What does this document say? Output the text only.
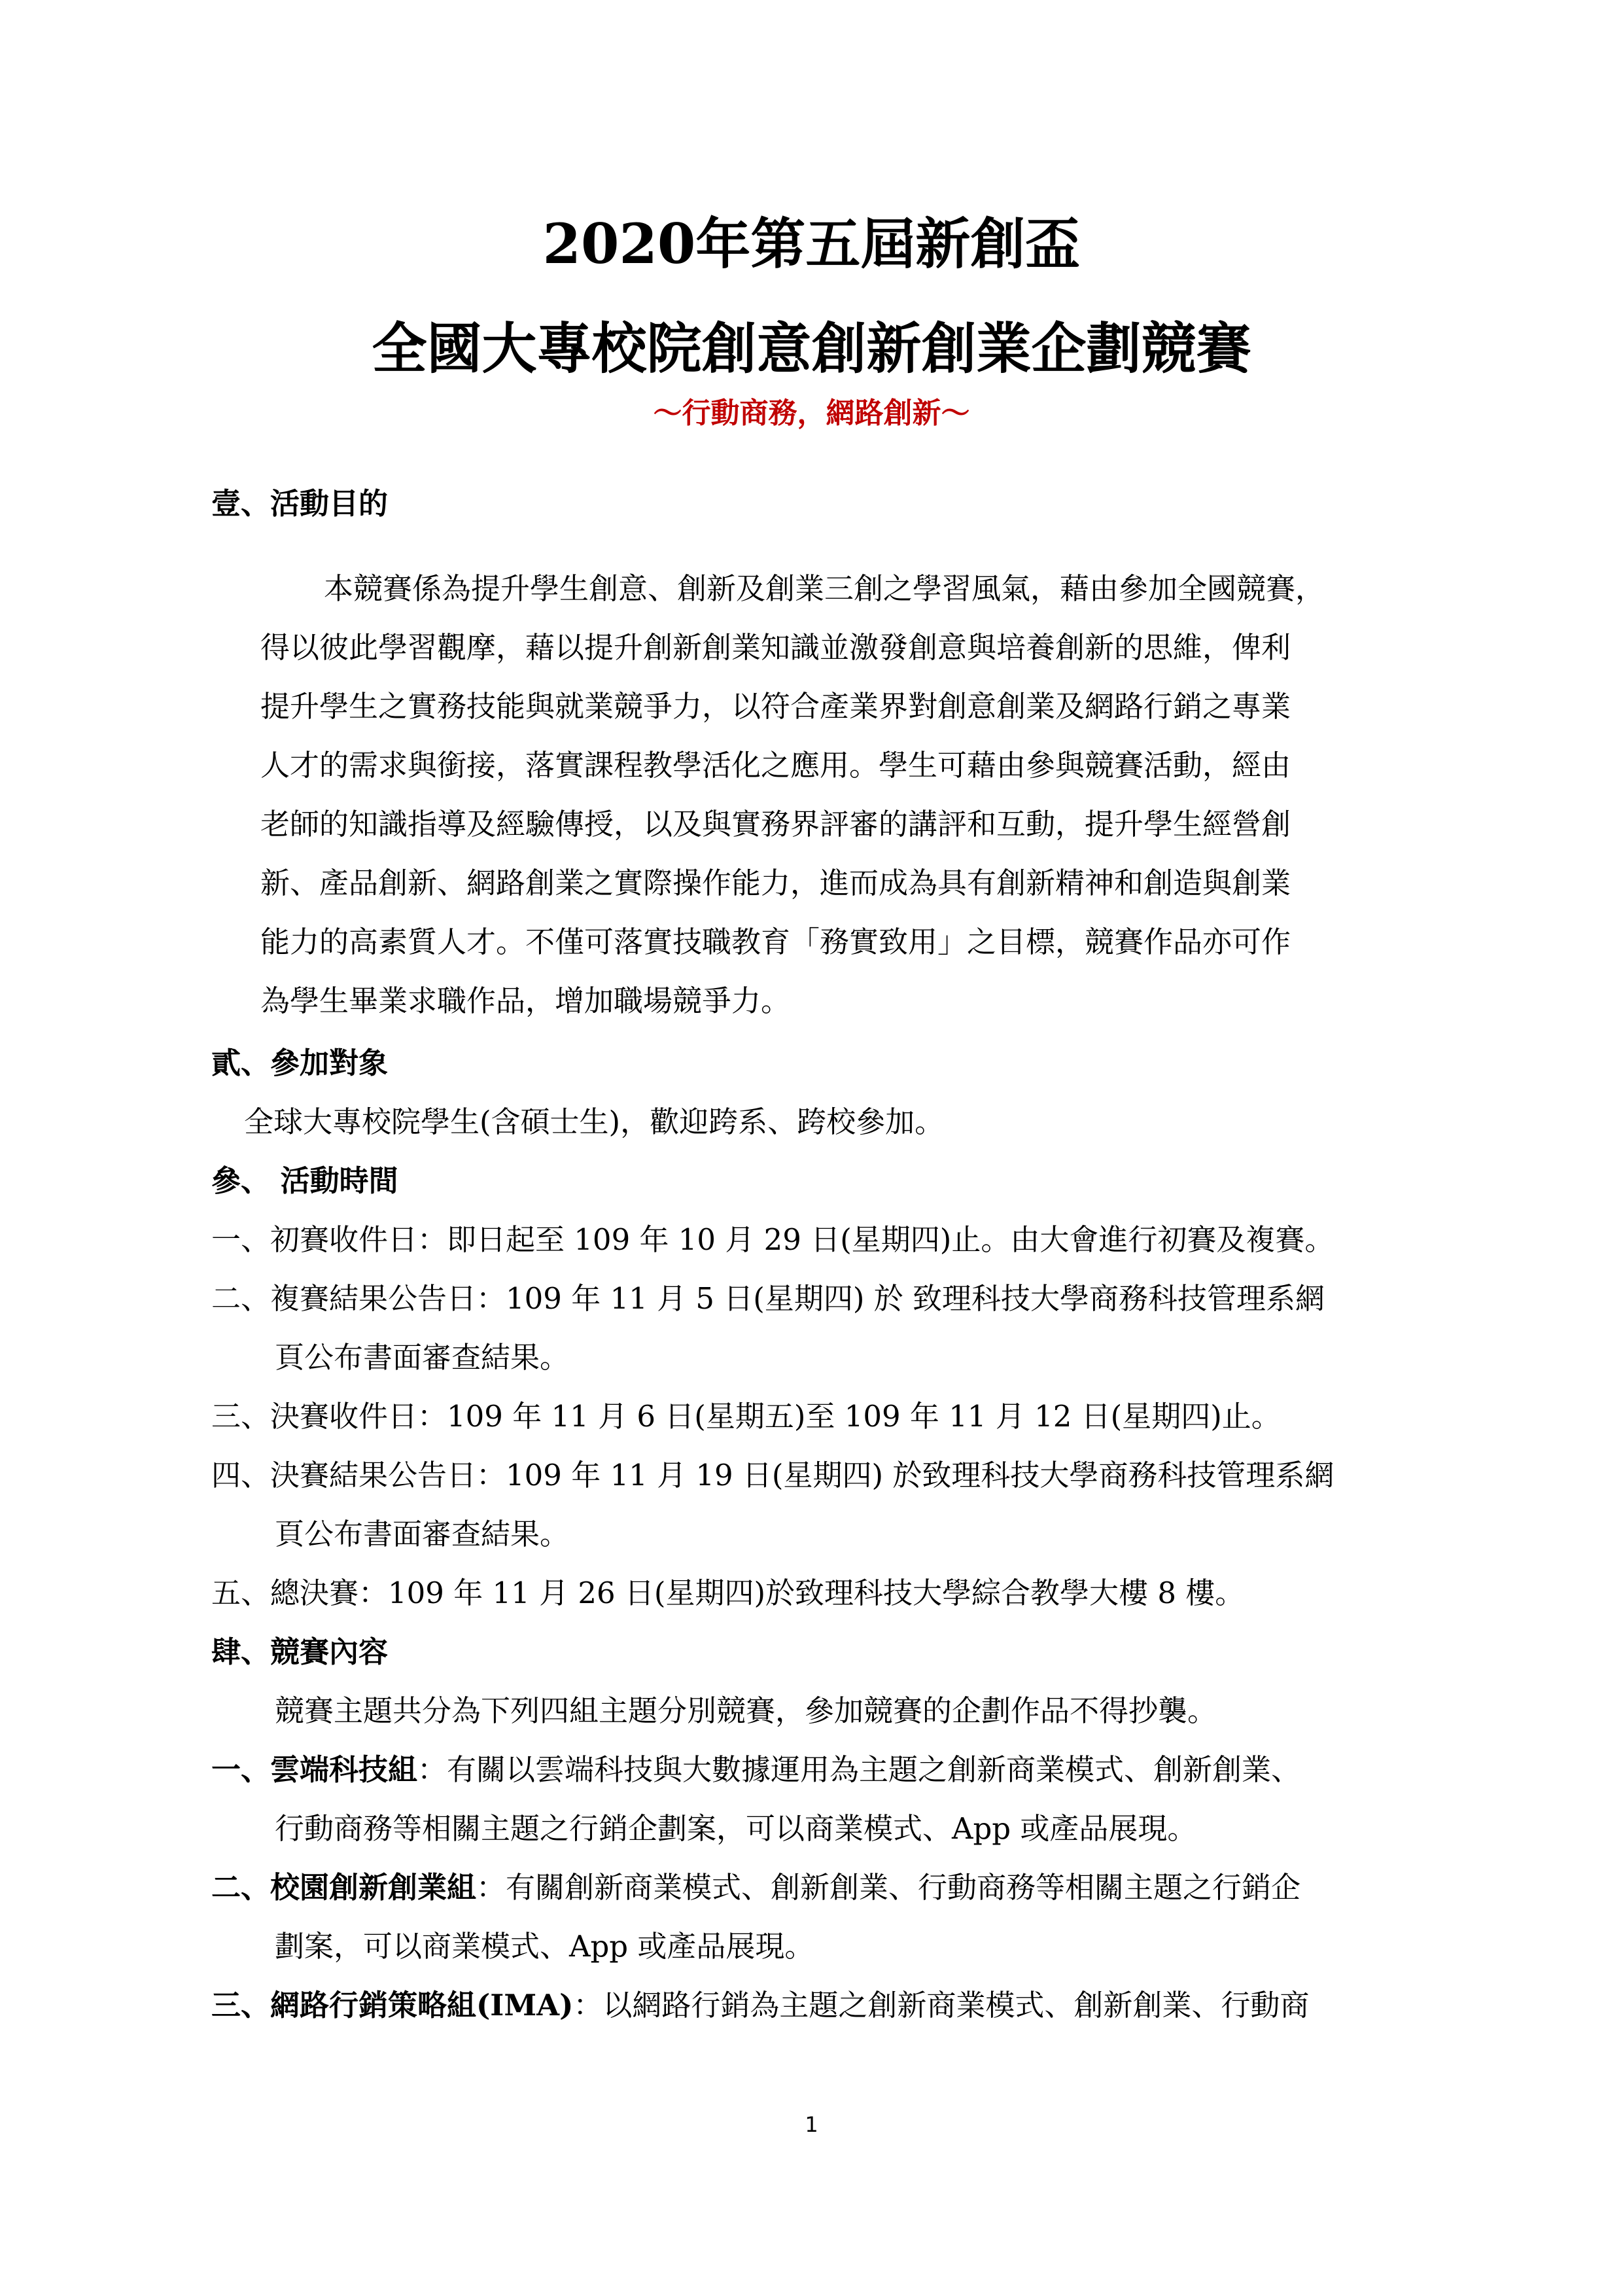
2020年第五屆新創盃
全國大專校院創意創新創業企劃競賽
～行動商務，網路創新～
壹、活動目的
本競賽係為提升學生創意、創新及創業三創之學習風氣，藉由參加全國競賽，
得以彼此學習觀摩，藉以提升創新創業知識並激發創意與培養創新的思維，俾利
提升學生之實務技能與就業競爭力，以符合產業界對創意創業及網路行銷之專業
人才的需求與銜接，落實課程教學活化之應用。學生可藉由參與競賽活動，經由
老師的知識指導及經驗傳授，以及與實務界評審的講評和互動，提升學生經營創
新、產品創新、網路創業之實際操作能力，進而成為具有創新精神和創造與創業
能力的高素質人才。不僅可落實技職教育「務實致用」之目標，競賽作品亦可作
為學生畢業求職作品，增加職場競爭力。
貳、參加對象
全球大專校院學生(含碩士生)，歡迎跨系、跨校參加。
參、 活動時間
一、初賽收件日：即日起至 109 年 10 月 29 日(星期四)止。由大會進行初賽及複賽。
二、複賽結果公告日：109 年 11 月 5 日(星期四) 於 致理科技大學商務科技管理系網
頁公布書面審查結果。
三、決賽收件日：109 年 11 月 6 日(星期五)至 109 年 11 月 12 日(星期四)止。
四、決賽結果公告日：109 年 11 月 19 日(星期四) 於致理科技大學商務科技管理系網
頁公布書面審查結果。
五、總決賽：109 年 11 月 26 日(星期四)於致理科技大學綜合教學大樓 8 樓。
肆、競賽內容
競賽主題共分為下列四組主題分別競賽，參加競賽的企劃作品不得抄襲。
一、雲端科技組：有關以雲端科技與大數據運用為主題之創新商業模式、創新創業、
行動商務等相關主題之行銷企劃案，可以商業模式、App 或產品展現。
二、校園創新創業組：有關創新商業模式、創新創業、行動商務等相關主題之行銷企
劃案，可以商業模式、App 或產品展現。
三、網路行銷策略組(IMA)：以網路行銷為主題之創新商業模式、創新創業、行動商
1
